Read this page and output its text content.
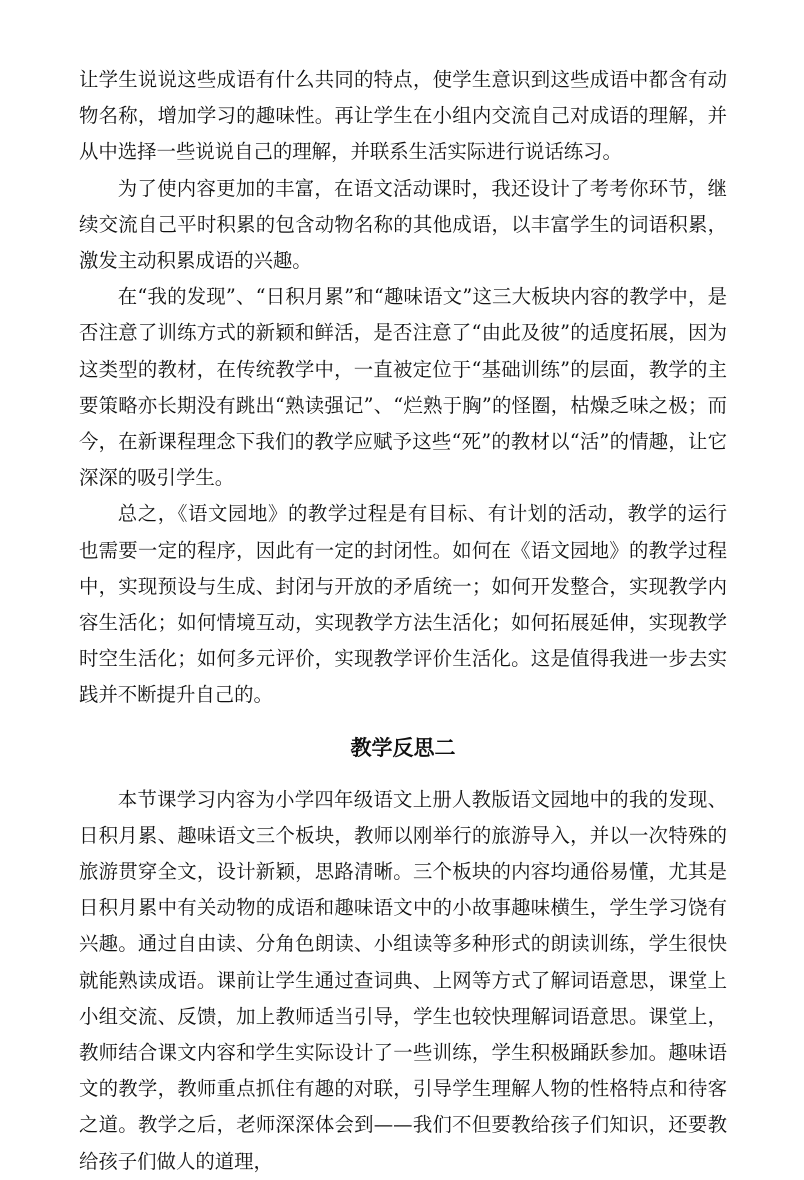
让学生说说这些成语有什么共同的特点，使学生意识到这些成语中都含有动物名称，增加学习的趣味性。再让学生在小组内交流自己对成语的理解，并从中选择一些说说自己的理解，并联系生活实际进行说话练习。

为了使内容更加的丰富，在语文活动课时，我还设计了考考你环节，继续交流自己平时积累的包含动物名称的其他成语，以丰富学生的词语积累，激发主动积累成语的兴趣。

在“我的发现”、“日积月累”和“趣味语文”这三大板块内容的教学中，是否注意了训练方式的新颖和鲜活，是否注意了“由此及彼”的适度拓展，因为这类型的教材，在传统教学中，一直被定位于“基础训练”的层面，教学的主要策略亦长期没有跳出“熟读强记”、“烂熟于胸”的怪圈，枯燥乏味之极；而今，在新课程理念下我们的教学应赋予这些“死”的教材以“活”的情趣，让它深深的吸引学生。

总之，《语文园地》的教学过程是有目标、有计划的活动，教学的运行也需要一定的程序，因此有一定的封闭性。如何在《语文园地》的教学过程中，实现预设与生成、封闭与开放的矛盾统一；如何开发整合，实现教学内容生活化；如何情境互动，实现教学方法生活化；如何拓展延伸，实现教学时空生活化；如何多元评价，实现教学评价生活化。这是值得我进一步去实践并不断提升自己的。

教学反思二

本节课学习内容为小学四年级语文上册人教版语文园地中的我的发现、日积月累、趣味语文三个板块，教师以刚举行的旅游导入，并以一次特殊的旅游贯穿全文，设计新颖，思路清晰。三个板块的内容均通俗易懂，尤其是日积月累中有关动物的成语和趣味语文中的小故事趣味横生，学生学习饶有兴趣。通过自由读、分角色朗读、小组读等多种形式的朗读训练，学生很快就能熟读成语。课前让学生通过查词典、上网等方式了解词语意思，课堂上小组交流、反馈，加上教师适当引导，学生也较快理解词语意思。课堂上，教师结合课文内容和学生实际设计了一些训练，学生积极踊跃参加。趣味语文的教学，教师重点抓住有趣的对联，引导学生理解人物的性格特点和待客之道。教学之后，老师深深体会到——我们不但要教给孩子们知识，还要教给孩子们做人的道理，
